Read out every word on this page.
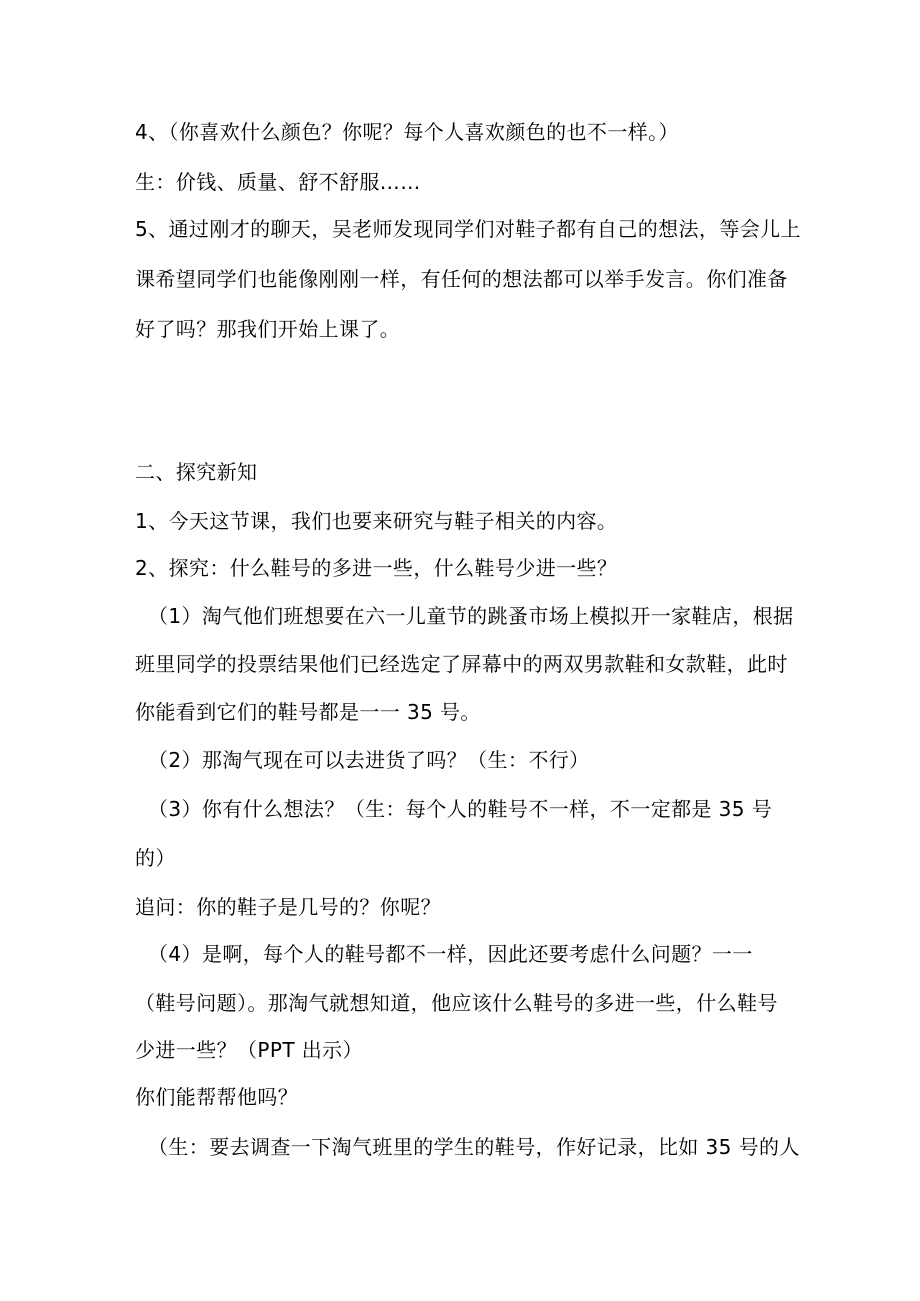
4、（你喜欢什么颜色？你呢？每个人喜欢颜色的也不一样。）
生：价钱、质量、舒不舒服……
5、通过刚才的聊天，吴老师发现同学们对鞋子都有自己的想法，等会儿上
课希望同学们也能像刚刚一样，有任何的想法都可以举手发言。你们准备
好了吗？那我们开始上课了。
二、探究新知
1、今天这节课，我们也要来研究与鞋子相关的内容。
2、探究：什么鞋号的多进一些，什么鞋号少进一些？
（1）淘气他们班想要在六一儿童节的跳蚤市场上模拟开一家鞋店，根据
班里同学的投票结果他们已经选定了屏幕中的两双男款鞋和女款鞋，此时
你能看到它们的鞋号都是一一 35 号。
（2）那淘气现在可以去进货了吗？（生：不行）
（3）你有什么想法？（生：每个人的鞋号不一样，不一定都是 35 号
的）
追问：你的鞋子是几号的？你呢？
（4）是啊，每个人的鞋号都不一样，因此还要考虑什么问题？一一
（鞋号问题）。那淘气就想知道，他应该什么鞋号的多进一些，什么鞋号
少进一些？（PPT 出示）
你们能帮帮他吗？
（生：要去调查一下淘气班里的学生的鞋号，作好记录，比如 35 号的人
